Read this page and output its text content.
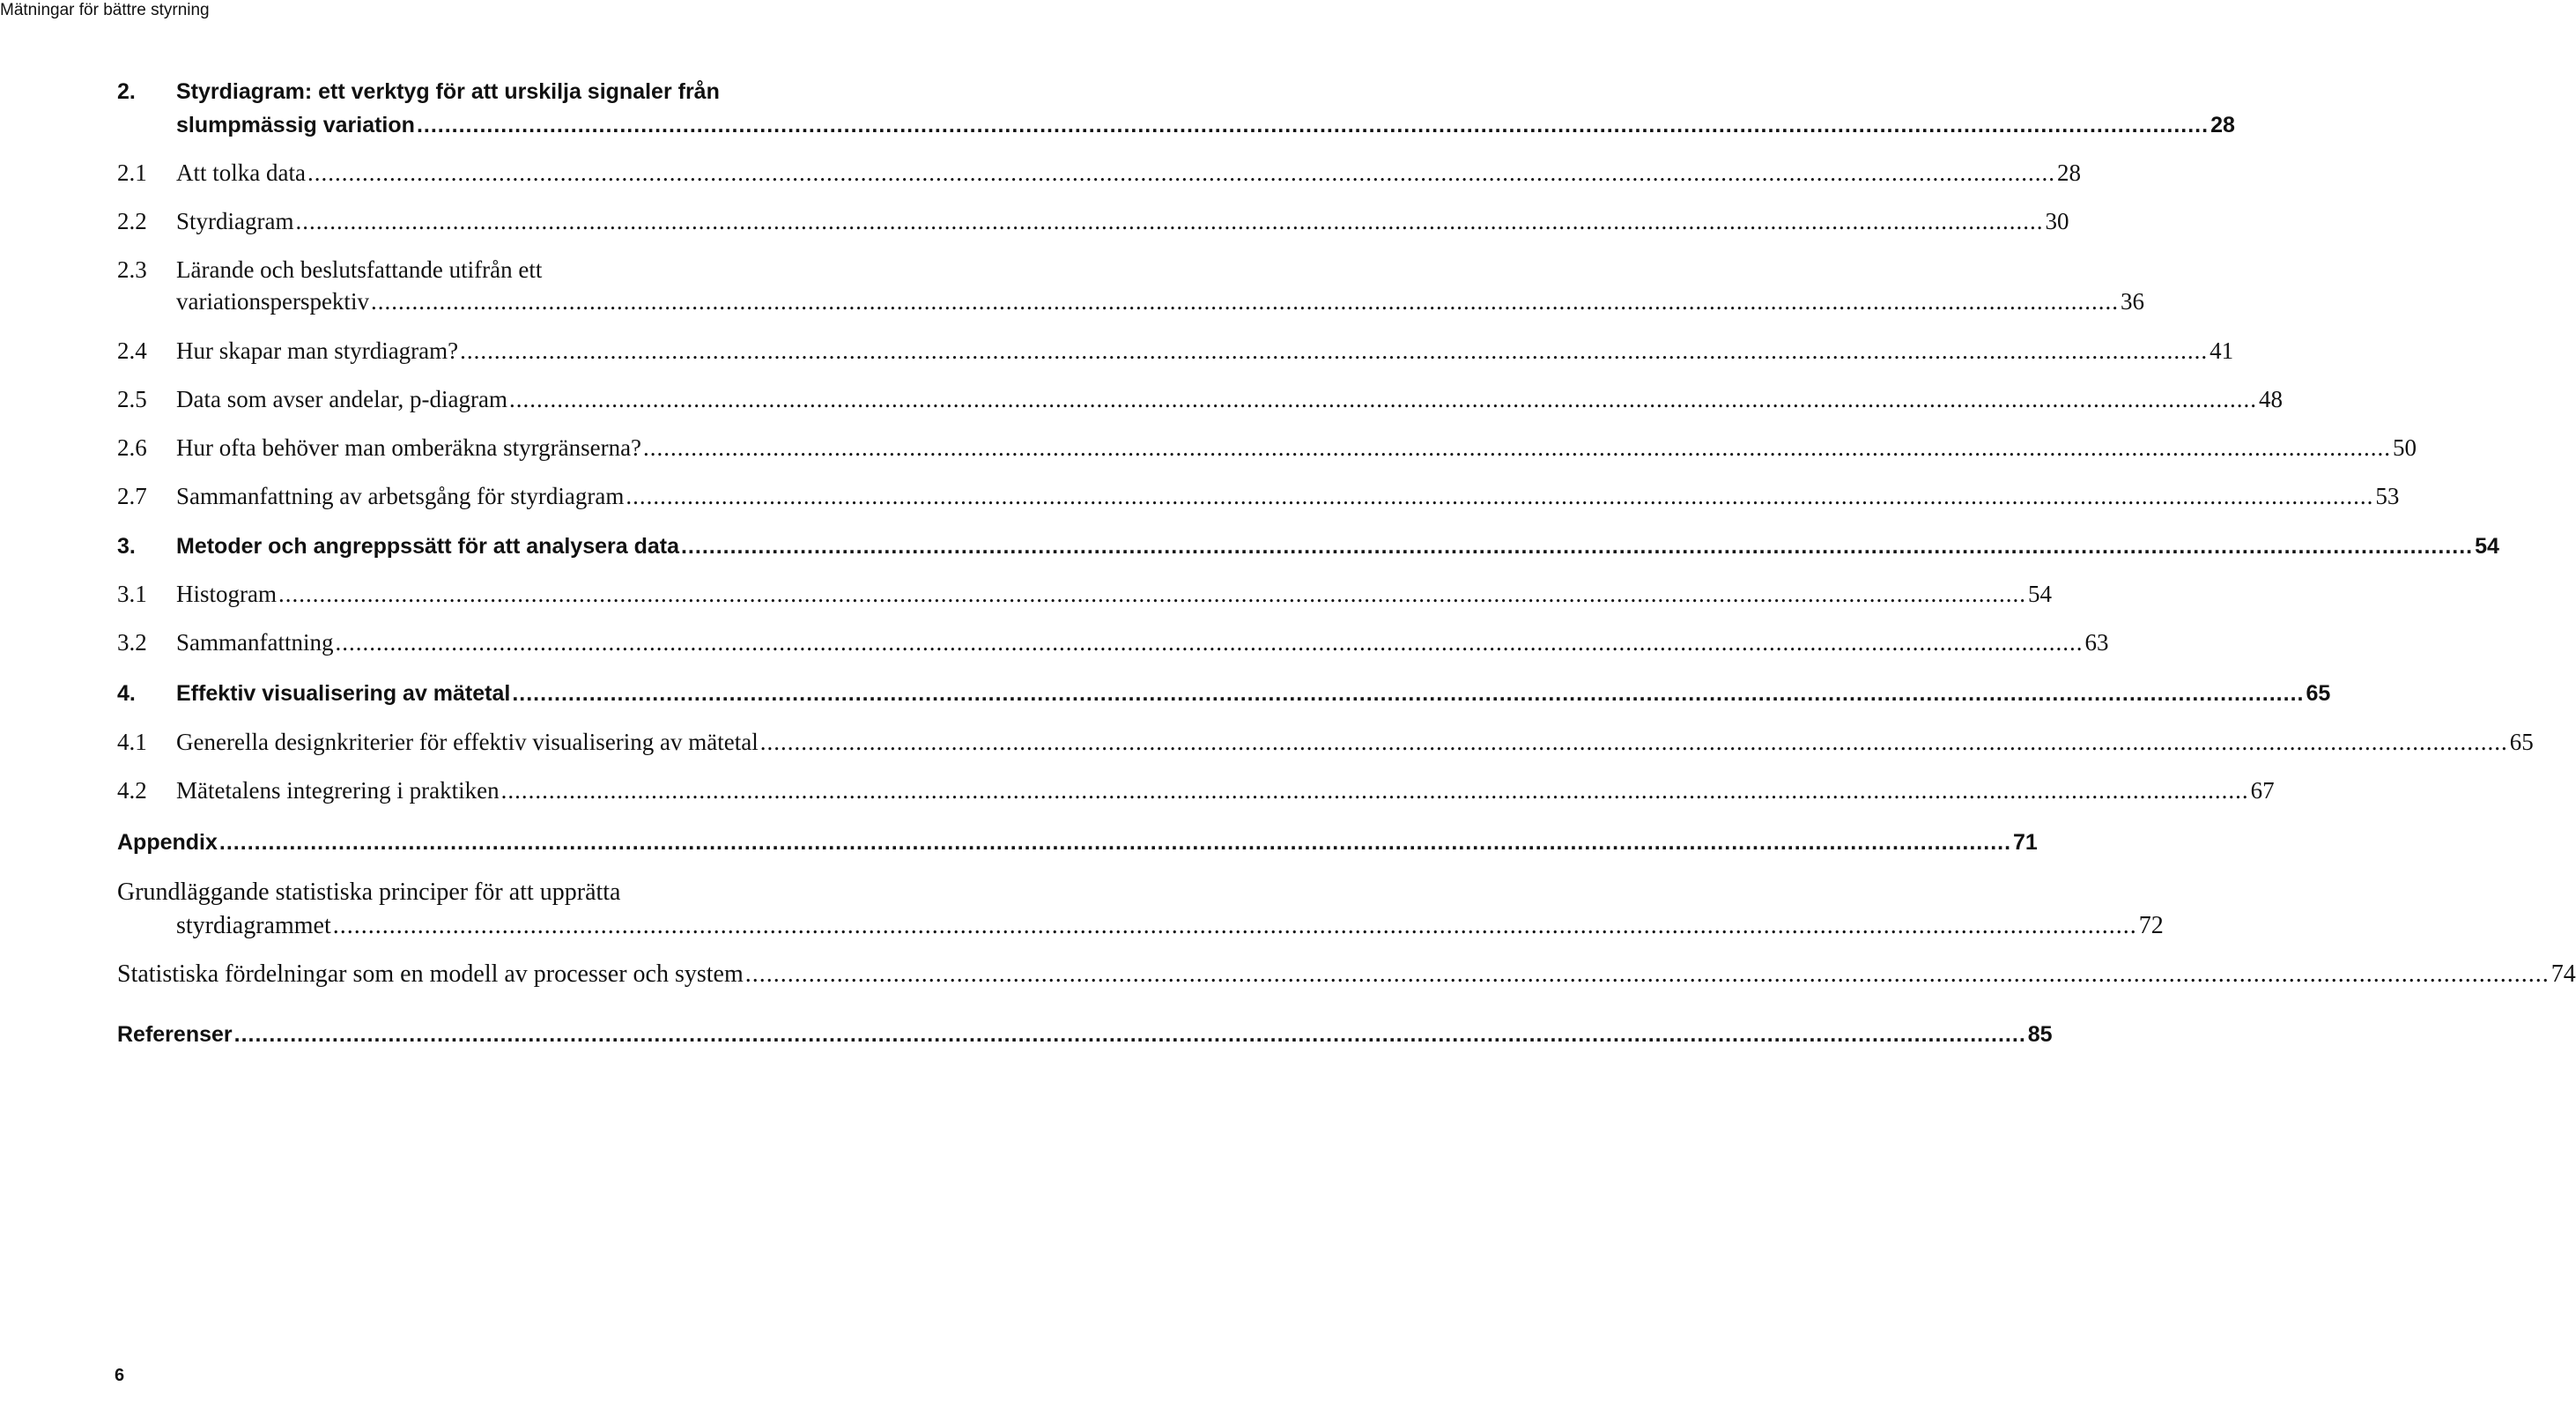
Mätningar för bättre styrning
2.	Styrdiagram: ett verktyg för att urskilja signaler från
slumpmässig variation .....	28
2.1	Att tolka data .....	28
2.2	Styrdiagram .....	30
2.3	Lärande och beslutsfattande utifrån ett
variationsperspektiv .....	36
2.4	Hur skapar man styrdiagram? .....	41
2.5	Data som avser andelar, p-diagram .....	48
2.6	Hur ofta behöver man omberäkna styrgränserna? .....	50
2.7	Sammanfattning av arbetsgång för styrdiagram .....	53
3.	Metoder och angreppssätt för att analysera data .....	54
3.1	Histogram .....	54
3.2	Sammanfattning .....	63
4.	Effektiv visualisering av mätetal .....	65
4.1	Generella designkriterier för effektiv visualisering av mätetal .....	65
4.2	Mätetalens integrering i praktiken .....	67
Appendix .....	71
Grundläggande statistiska principer för att upprätta
styrdiagrammet .....	72
Statistiska fördelningar som en modell av processer och system .....	74
Referenser .....	85
6
